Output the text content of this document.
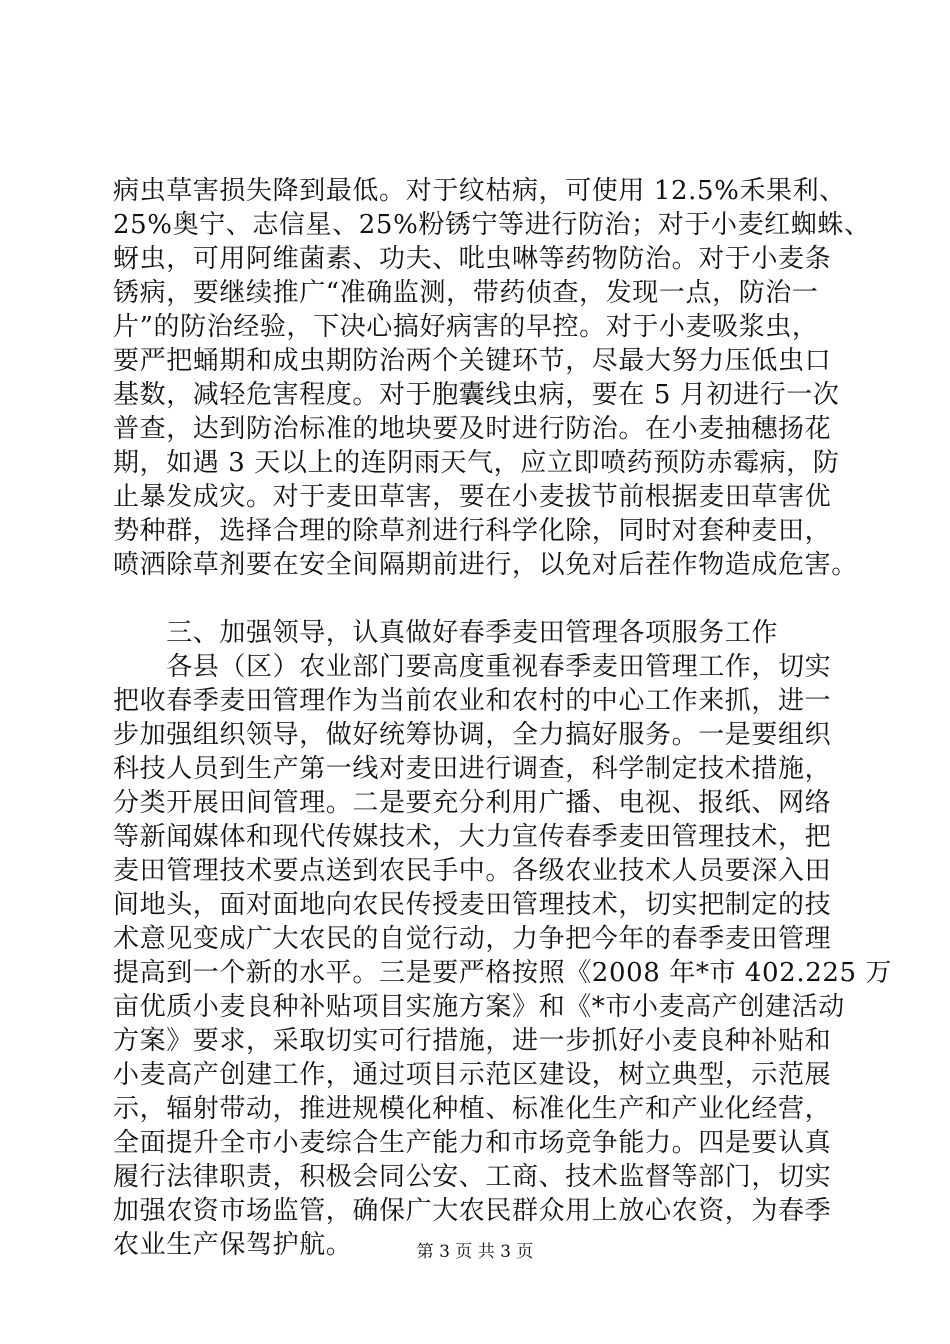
病虫草害损失降到最低。对于纹枯病，可使用 12.5%禾果利、
25%奥宁、志信星、25%粉锈宁等进行防治；对于小麦红蜘蛛、
蚜虫，可用阿维菌素、功夫、吡虫啉等药物防治。对于小麦条
锈病，要继续推广“准确监测，带药侦查，发现一点，防治一
片”的防治经验，下决心搞好病害的早控。对于小麦吸浆虫，
要严把蛹期和成虫期防治两个关键环节，尽最大努力压低虫口
基数，减轻危害程度。对于胞囊线虫病，要在 5 月初进行一次
普查，达到防治标准的地块要及时进行防治。在小麦抽穗扬花
期，如遇 3 天以上的连阴雨天气，应立即喷药预防赤霉病，防
止暴发成灾。对于麦田草害，要在小麦拔节前根据麦田草害优
势种群，选择合理的除草剂进行科学化除，同时对套种麦田，
喷洒除草剂要在安全间隔期前进行，以免对后茬作物造成危害。
　　三、加强领导，认真做好春季麦田管理各项服务工作
　　各县（区）农业部门要高度重视春季麦田管理工作，切实
把收春季麦田管理作为当前农业和农村的中心工作来抓，进一
步加强组织领导，做好统筹协调，全力搞好服务。一是要组织
科技人员到生产第一线对麦田进行调查，科学制定技术措施，
分类开展田间管理。二是要充分利用广播、电视、报纸、网络
等新闻媒体和现代传媒技术，大力宣传春季麦田管理技术，把
麦田管理技术要点送到农民手中。各级农业技术人员要深入田
间地头，面对面地向农民传授麦田管理技术，切实把制定的技
术意见变成广大农民的自觉行动，力争把今年的春季麦田管理
提高到一个新的水平。三是要严格按照《2008 年*市 402.225 万
亩优质小麦良种补贴项目实施方案》和《*市小麦高产创建活动
方案》要求，采取切实可行措施，进一步抓好小麦良种补贴和
小麦高产创建工作，通过项目示范区建设，树立典型，示范展
示，辐射带动，推进规模化种植、标准化生产和产业化经营，
全面提升全市小麦综合生产能力和市场竞争能力。四是要认真
履行法律职责，积极会同公安、工商、技术监督等部门，切实
加强农资市场监管，确保广大农民群众用上放心农资，为春季
农业生产保驾护航。	第 3 页 共 3 页
